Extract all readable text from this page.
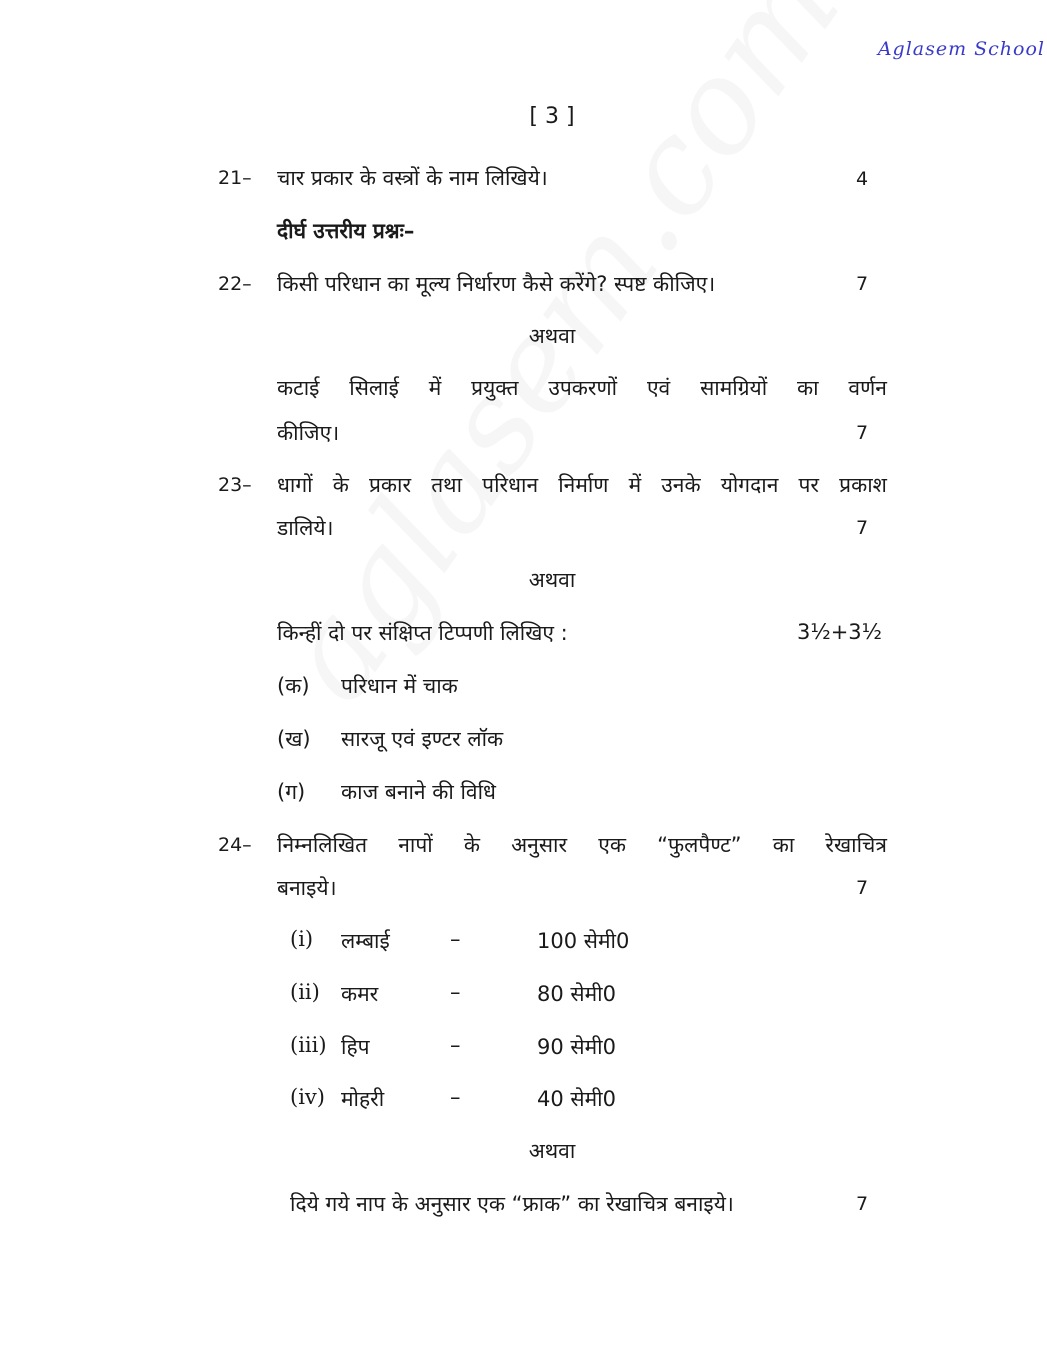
Aglasem School
[ 3 ]
21– चार प्रकार के वस्त्रों के नाम लिखिये।	4
दीर्घ उत्तरीय प्रश्नः–
22– किसी परिधान का मूल्य निर्धारण कैसे करेंगे? स्पष्ट कीजिए।	7
अथवा
कटाई सिलाई में प्रयुक्त उपकरणों एवं सामग्रियों का वर्णन
कीजिए।	7
23– धागों के प्रकार तथा परिधान निर्माण में उनके योगदान पर प्रकाश
डालिये।	7
अथवा
किन्हीं दो पर संक्षिप्त टिप्पणी लिखिए :	3½+3½
(क) परिधान में चाक
(ख) सारजू एवं इण्टर लॉक
(ग) काज बनाने की विधि
24– निम्नलिखित नापों के अनुसार एक “फुलपैण्ट” का रेखाचित्र
बनाइये।	7
(i) लम्बाई	–	100 सेमी0
(ii) कमर	–	80 सेमी0
(iii) हिप	–	90 सेमी0
(iv) मोहरी	–	40 सेमी0
अथवा
दिये गये नाप के अनुसार एक “फ्राक” का रेखाचित्र बनाइये।	7
